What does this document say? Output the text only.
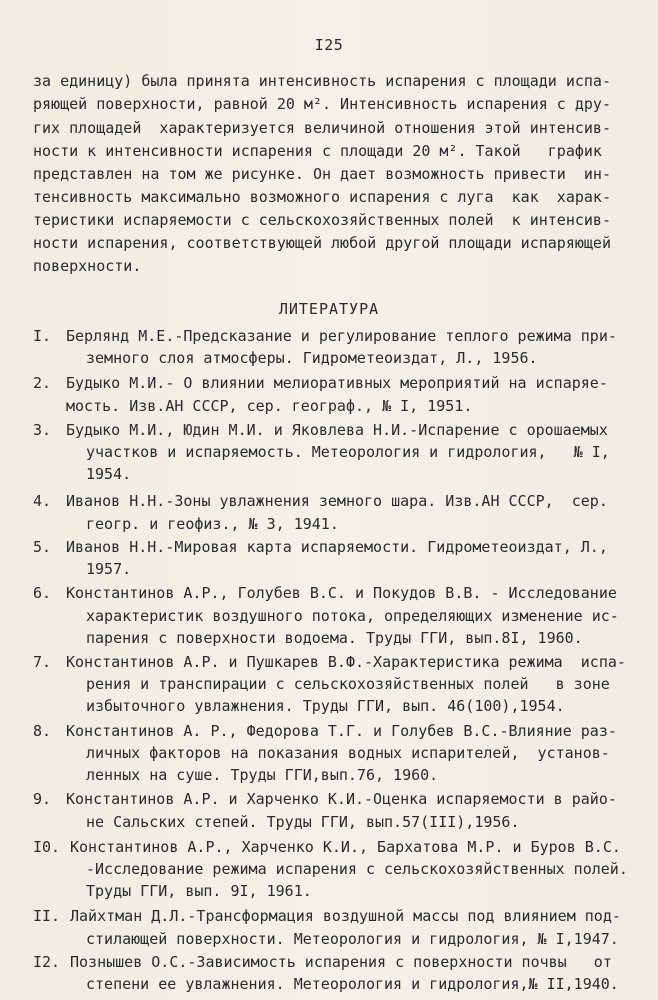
I25
за единицу) была принята интенсивность испарения с площади испа-
ряющей поверхности, равной 20 м². Интенсивность испарения с дру-
гих площадей  характеризуется величиной отношения этой интенсив-
ности к интенсивности испарения с площади 20 м². Такой   график
представлен на том же рисунке. Он дает возможность привести  ин-
тенсивность максимально возможного испарения с луга  как  харак-
теристики испаряемости с сельскохозяйственных полей  к интенсив-
ности испарения, соответствующей любой другой площади испаряющей
поверхности.
ЛИТЕРАТУРА
I. Берлянд М.Е.-Предсказание и регулирование теплого режима при-
земного слоя атмосферы. Гидрометеоиздат, Л., 1956.
2. Будыко М.И.- О влиянии мелиоративных мероприятий на испаряе-
мость. Изв.АН СССР, сер. географ., № I, 1951.
3. Будыко М.И., Юдин М.И. и Яковлева Н.И.-Испарение с орошаемых
участков и испаряемость. Метеорология и гидрология,   № I,
1954.
4. Иванов Н.Н.-Зоны увлажнения земного шара. Изв.АН СССР,  сер.
геогр. и геофиз., № 3, 1941.
5. Иванов Н.Н.-Мировая карта испаряемости. Гидрометеоиздат, Л.,
1957.
6. Константинов А.Р., Голубев В.С. и Покудов В.В. - Исследование
характеристик воздушного потока, определяющих изменение ис-
парения с поверхности водоема. Труды ГГИ, вып.8I, 1960.
7. Константинов А.Р. и Пушкарев В.Ф.-Характеристика режима  испа-
рения и транспирации с сельскохозяйственных полей   в зоне
избыточного увлажнения. Труды ГГИ, вып. 46(100),1954.
8. Константинов А. Р., Федорова Т.Г. и Голубев В.С.-Влияние раз-
личных факторов на показания водных испарителей,  установ-
ленных на суше. Труды ГГИ,вып.76, 1960.
9. Константинов А.Р. и Харченко К.И.-Оценка испаряемости в райо-
не Сальских степей. Труды ГГИ, вып.57(III),1956.
I0. Константинов А.Р., Харченко К.И., Бархатова М.Р. и Буров В.С.
-Исследование режима испарения с сельскохозяйственных полей.
Труды ГГИ, вып. 9I, 1961.
II. Лайхтман Д.Л.-Трансформация воздушной массы под влиянием под-
стилающей поверхности. Метеорология и гидрология, № I,1947.
I2. Познышев О.С.-Зависимость испарения с поверхности почвы   от
степени ее увлажнения. Метеорология и гидрология,№ II,1940.
